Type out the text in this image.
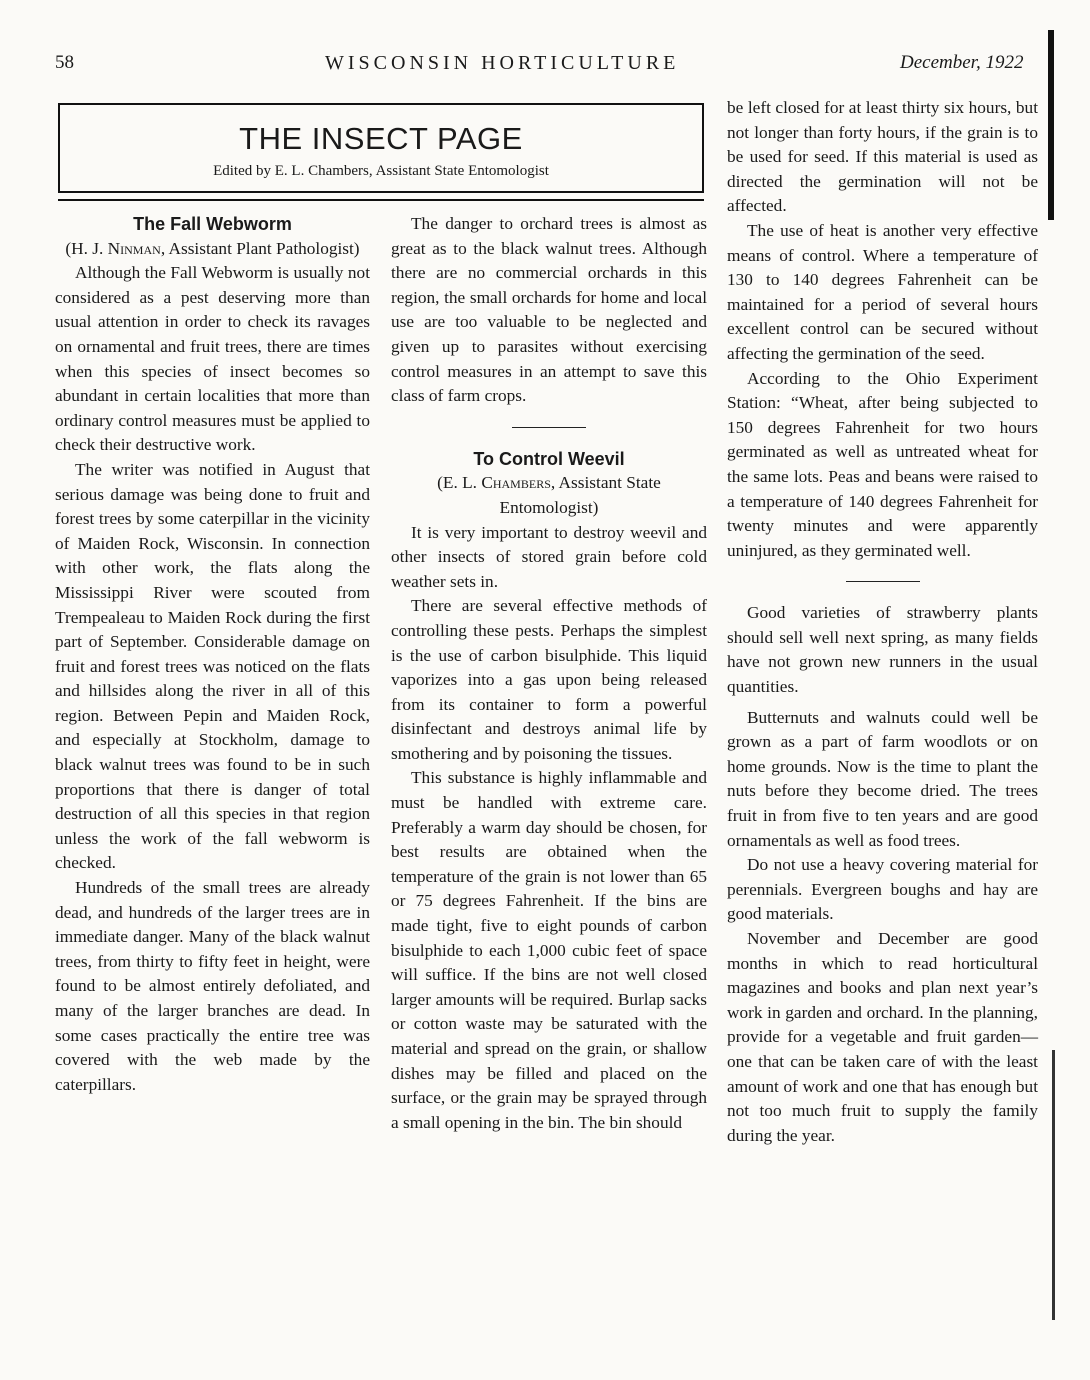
58	WISCONSIN HORTICULTURE	December, 1922
THE INSECT PAGE
Edited by E. L. Chambers, Assistant State Entomologist
The Fall Webworm

(H. J. Ninman, Assistant Plant Pathologist)

Although the Fall Webworm is usually not considered as a pest deserving more than usual attention in order to check its ravages on ornamental and fruit trees, there are times when this species of insect becomes so abundant in certain localities that more than ordinary control measures must be applied to check their destructive work.

The writer was notified in August that serious damage was being done to fruit and forest trees by some caterpillar in the vicinity of Maiden Rock, Wisconsin. In connection with other work, the flats along the Mississippi River were scouted from Trempealeau to Maiden Rock during the first part of September. Considerable damage on fruit and forest trees was noticed on the flats and hillsides along the river in all of this region. Between Pepin and Maiden Rock, and especially at Stockholm, damage to black walnut trees was found to be in such proportions that there is danger of total destruction of all this species in that region unless the work of the fall webworm is checked.

Hundreds of the small trees are already dead, and hundreds of the larger trees are in immediate danger. Many of the black walnut trees, from thirty to fifty feet in height, were found to be almost entirely defoliated, and many of the larger branches are dead. In some cases practically the entire tree was covered with the web made by the caterpillars.

The danger to orchard trees is almost as great as to the black walnut trees. Although there are no commercial orchards in this region, the small orchards for home and local use are too valuable to be neglected and given up to parasites without exercising control measures in an attempt to save this class of farm crops.

To Control Weevil

(E. L. Chambers, Assistant State Entomologist)

It is very important to destroy weevil and other insects of stored grain before cold weather sets in.

There are several effective methods of controlling these pests. Perhaps the simplest is the use of carbon bisulphide. This liquid vaporizes into a gas upon being released from its container to form a powerful disinfectant and destroys animal life by smothering and by poisoning the tissues.

This substance is highly inflammable and must be handled with extreme care. Preferably a warm day should be chosen, for best results are obtained when the temperature of the grain is not lower than 65 or 75 degrees Fahrenheit. If the bins are made tight, five to eight pounds of carbon bisulphide to each 1,000 cubic feet of space will suffice. If the bins are not well closed larger amounts will be required. Burlap sacks or cotton waste may be saturated with the material and spread on the grain, or shallow dishes may be filled and placed on the surface, or the grain may be sprayed through a small opening in the bin. The bin should

be left closed for at least thirty six hours, but not longer than forty hours, if the grain is to be used for seed. If this material is used as directed the germination will not be affected.

The use of heat is another very effective means of control. Where a temperature of 130 to 140 degrees Fahrenheit can be maintained for a period of several hours excellent control can be secured without affecting the germination of the seed.

According to the Ohio Experiment Station: “Wheat, after being subjected to 150 degrees Fahrenheit for two hours germinated as well as untreated wheat for the same lots. Peas and beans were raised to a temperature of 140 degrees Fahrenheit for twenty minutes and were apparently uninjured, as they germinated well.

Good varieties of strawberry plants should sell well next spring, as many fields have not grown new runners in the usual quantities.

Butternuts and walnuts could well be grown as a part of farm woodlots or on home grounds. Now is the time to plant the nuts before they become dried. The trees fruit in from five to ten years and are good ornamentals as well as food trees.

Do not use a heavy covering material for perennials. Evergreen boughs and hay are good materials.

November and December are good months in which to read horticultural magazines and books and plan next year’s work in garden and orchard. In the planning, provide for a vegetable and fruit garden—one that can be taken care of with the least amount of work and one that has enough but not too much fruit to supply the family during the year.
